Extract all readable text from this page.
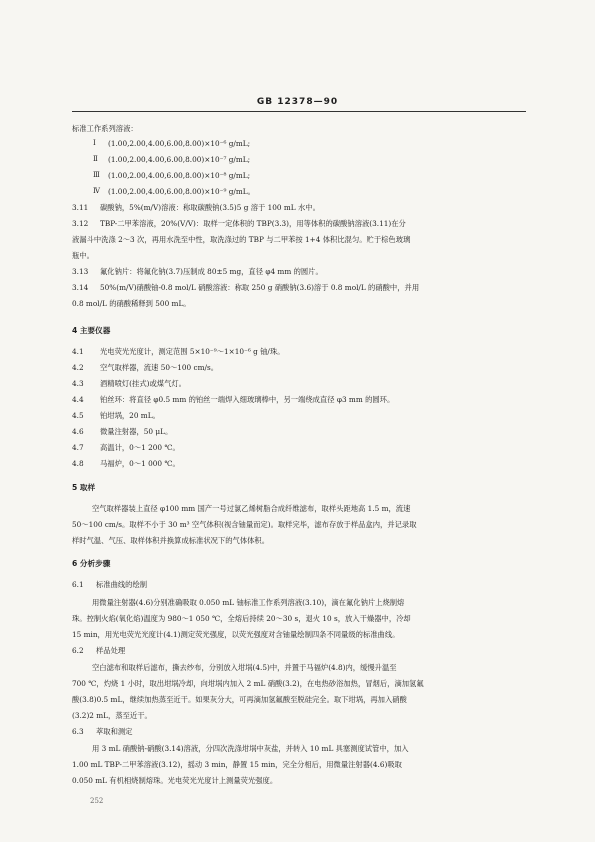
GB 12378—90
标准工作系列溶液：
Ⅰ (1.00,2.00,4.00,6.00,8.00)×10⁻⁶ g/mL;
Ⅱ (1.00,2.00,4.00,6.00,8.00)×10⁻⁷ g/mL;
Ⅲ (1.00,2.00,4.00,6.00,8.00)×10⁻⁸ g/mL;
Ⅳ (1.00,2.00,4.00,6.00,8.00)×10⁻⁹ g/mL。
3.11 碳酸钠，5%(m/V)溶液：称取碳酸钠(3.5)5 g 溶于 100 mL 水中。
3.12 TBP-二甲苯溶液，20%(V/V)：取样一定体积的 TBP(3.3)，用等体积的碳酸钠溶液(3.11)在分
液漏斗中洗涤 2～3 次，再用水洗至中性，取洗涤过的 TBP 与二甲苯按 1+4 体积比混匀。贮于棕色玻璃
瓶中。
3.13 氟化钠片：将氟化钠(3.7)压制成 80±5 mg，直径 φ4 mm 的圆片。
3.14 50%(m/V)硝酸铀-0.8 mol/L 硝酸溶液：称取 250 g 硝酸钠(3.6)溶于 0.8 mol/L 的硝酸中，并用
0.8 mol/L 的硝酸稀释到 500 mL。
4 主要仪器
4.1 光电荧光光度计，测定范围 5×10⁻⁹～1×10⁻⁶ g 铀/珠。
4.2 空气取样器，流速 50～100 cm/s。
4.3 酒精喷灯(挂式)或煤气灯。
4.4 铂丝环：将直径 φ0.5 mm 的铂丝一端焊入细玻璃棒中，另一端绕成直径 φ3 mm 的圆环。
4.5 铂坩埚，20 mL。
4.6 微量注射器，50 μL。
4.7 高温计，0～1 200 ℃。
4.8 马福炉，0～1 000 ℃。
5 取样
空气取样器装上直径 φ100 mm 国产一号过氯乙烯树脂合成纤维滤布，取样头距地高 1.5 m，流速
50～100 cm/s。取样不小于 30 m³ 空气体积(视含铀量而定)。取样完毕，滤布存放于样品盒内，并记录取
样时气温、气压、取样体积并换算成标准状况下的气体体积。
6 分析步骤
6.1 标准曲线的绘制
用微量注射器(4.6)分别准确吸取 0.050 mL 铀标准工作系列溶液(3.10)，滴在氟化钠片上烧制熔
珠。控制火焰(氧化焰)温度为 980～1 050 ℃，全熔后持续 20～30 s，退火 10 s，放入干燥器中，冷却
15 min，用光电荧光光度计(4.1)测定荧光强度，以荧光强度对含铀量绘制四条不同量级的标准曲线。
6.2 样品处理
空白滤布和取样后滤布，撕去纱布，分别放入坩埚(4.5)中，并置于马福炉(4.8)内，缓慢升温至
700 ℃，灼烧 1 小时，取出坩埚冷却，向坩埚内加入 2 mL 硝酸(3.2)，在电热砂浴加热，冒烟后，滴加氢氟
酸(3.8)0.5 mL，继续加热蒸至近干。如果灰分大，可再滴加氢氟酸至脱硅完全。取下坩埚，再加入硝酸
(3.2)2 mL，蒸至近干。
6.3 萃取和测定
用 3 mL 硝酸钠-硝酸(3.14)溶液，分四次洗涤坩埚中灰盐，并转入 10 mL 具塞测度试管中，加入
1.00 mL TBP-二甲苯溶液(3.12)，摇动 3 min，静置 15 min，完全分相后，用微量注射器(4.6)吸取
0.050 mL 有机相烧制熔珠。光电荧光光度计上测量荧光强度。
252
